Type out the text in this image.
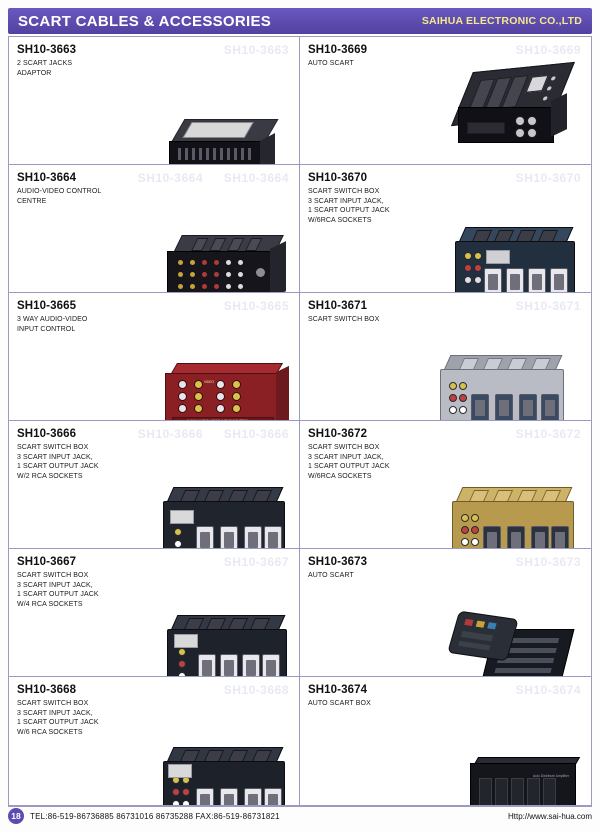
SCART CABLES & ACCESSORIES	SAIHUA ELECTRONIC CO.,LTD
SH10-3663
SH10-3663
2 SCART JACKS
ADAPTOR
SH10-3669
SH10-3669
AUTO SCART
SH10-3664
SH10-3664
SH10-3664
AUDIO-VIDEO CONTROL
CENTRE
SH10-3670
SH10-3670
SCART SWITCH BOX
3 SCART INPUT JACK,
1 SCART OUTPUT JACK
W/6RCA SOCKETS
SH10-3665
SH10-3665
3 WAY AUDIO-VIDEO
INPUT CONTROL
VIDEO
3 WAY AUDIO-VIDEO INPUT CONTROL
SH10-3671
SH10-3671
SCART SWITCH BOX
SH10-3666
SH10-3666
SH10-3666
SCART SWITCH BOX
3 SCART INPUT JACK,
1 SCART OUTPUT JACK
W/2 RCA SOCKETS
SH10-3672
SH10-3672
SCART SWITCH BOX
3 SCART INPUT JACK,
1 SCART OUTPUT JACK
W/6RCA SOCKETS
SH10-3667
SH10-3667
SCART SWITCH BOX
3 SCART INPUT JACK,
1 SCART OUTPUT JACK
W/4 RCA SOCKETS
SH10-3673
SH10-3673
AUTO SCART
SH10-3668
SH10-3668
SCART SWITCH BOX
3 SCART INPUT JACK,
1 SCART OUTPUT JACK
W/6 RCA SOCKETS
SH10-3674
SH10-3674
AUTO SCART BOX
Auto Distribute Amplifier
18	TEL:86-519-86736885 86731016 86735288 FAX:86-519-86731821	Http://www.sai-hua.com
